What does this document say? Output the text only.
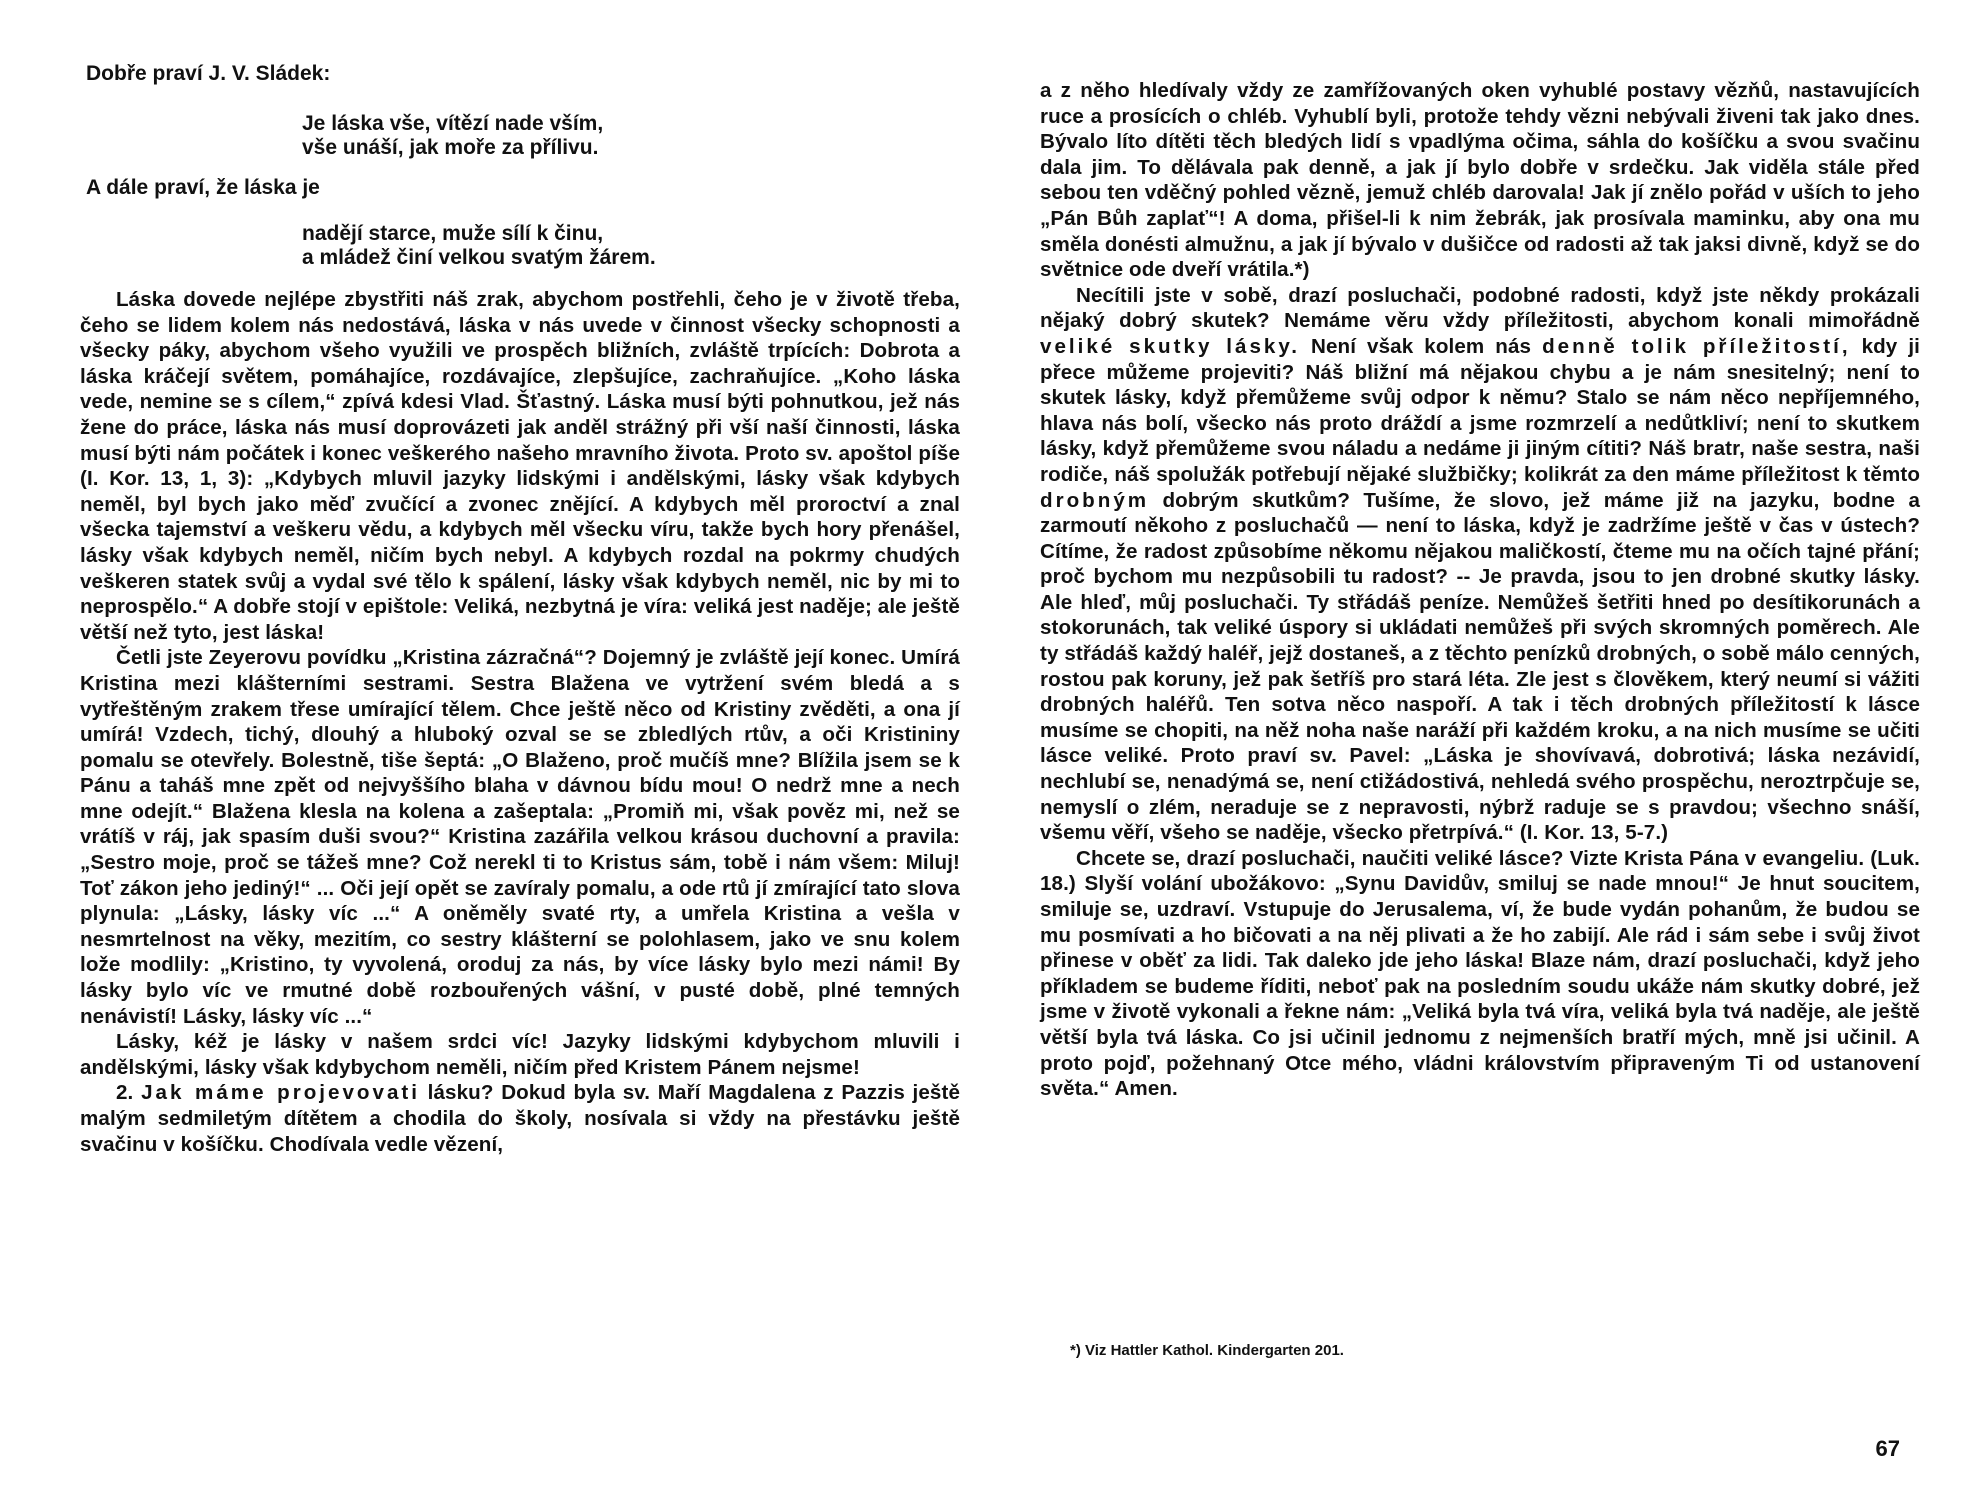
Dobře praví J. V. Sládek:
Je láska vše, vítězí nade vším,
vše unáší, jak moře za přílivu.
A dále praví, že láska je
nadějí starce, muže sílí k činu,
a mládež činí velkou svatým žárem.

Láska dovede nejlépe zbystřiti náš zrak, abychom postřehli, čeho je v životě třeba, čeho se lidem kolem nás nedostává, láska v nás uvede v činnost všecky schopnosti a všecky páky, abychom všeho využili ve prospěch bližních, zvláště trpících: Dobrota a láska kráčejí světem, pomáhajíce, rozdávajíce, zlepšujíce, zachraňujíce. „Koho láska vede, nemine se s cílem,“ zpívá kdesi Vlad. Šťastný. Láska musí býti pohnutkou, jež nás žene do práce, láska nás musí doprovázeti jak anděl strážný při vší naší činnosti, láska musí býti nám počátek i konec veškerého našeho mravního života. Proto sv. apoštol píše (I. Kor. 13, 1, 3): „Kdybych mluvil jazyky lidskými i andělskými, lásky však kdybych neměl, byl bych jako měď zvučící a zvonec znějící. A kdybych měl proroctví a znal všecka tajemství a veškeru vědu, a kdybych měl všecku víru, takže bych hory přenášel, lásky však kdybych neměl, ničím bych nebyl. A kdybych rozdal na pokrmy chudých veškeren statek svůj a vydal své tělo k spálení, lásky však kdybych neměl, nic by mi to neprospělo.“ A dobře stojí v epištole: Veliká, nezbytná je víra: veliká jest naděje; ale ještě větší než tyto, jest láska!

Četli jste Zeyerovu povídku „Kristina zázračná“? Dojemný je zvláště její konec. Umírá Kristina mezi klášterními sestrami. Sestra Blažena ve vytržení svém bledá a s vytřeštěným zrakem třese umírající tělem. Chce ještě něco od Kristiny zvěděti, a ona jí umírá! Vzdech, tichý, dlouhý a hluboký ozval se se zbledlých rtův, a oči Kristininy pomalu se otevřely. Bolestně, tiše šeptá: „O Blaženo, proč mučíš mne? Blížila jsem se k Pánu a taháš mne zpět od nejvyššího blaha v dávnou bídu mou! O nedrž mne a nech mne odejít.“ Blažena klesla na kolena a zašeptala: „Promiň mi, však pověz mi, než se vrátíš v ráj, jak spasím duši svou?“ Kristina zazářila velkou krásou duchovní a pravila: „Sestro moje, proč se tážeš mne? Což nerekl ti to Kristus sám, tobě i nám všem: Miluj! Toť zákon jeho jediný!“ ... Oči její opět se zavíraly pomalu, a ode rtů jí zmírající tato slova plynula: „Lásky, lásky víc ...“ A oněměly svaté rty, a umřela Kristina a vešla v nesmrtelnost na věky, mezitím, co sestry klášterní se polohlasem, jako ve snu kolem lože modlily: „Kristino, ty vyvolená, oroduj za nás, by více lásky bylo mezi námi! By lásky bylo víc ve rmutné době rozbouřených vášní, v pusté době, plné temných nenávistí! Lásky, lásky víc ...“

Lásky, kéž je lásky v našem srdci víc! Jazyky lidskými kdybychom mluvili i andělskými, lásky však kdybychom neměli, ničím před Kristem Pánem nejsme!

2. Jak máme projevovati lásku? Dokud byla sv. Maří Magdalena z Pazzis ještě malým sedmiletým dítětem a chodila do školy, nosívala si vždy na přestávku ještě svačinu v košíčku. Chodívala vedle vězení,

a z něho hledívaly vždy ze zamřížovaných oken vyhublé postavy vězňů, nastavujících ruce a prosících o chléb. Vyhublí byli, protože tehdy vězni nebývali živeni tak jako dnes. Bývalo líto dítěti těch bledých lidí s vpadlýma očima, sáhla do košíčku a svou svačinu dala jim. To dělávala pak denně, a jak jí bylo dobře v srdečku. Jak viděla stále před sebou ten vděčný pohled vězně, jemuž chléb darovala! Jak jí znělo pořád v uších to jeho „Pán Bůh zaplať“! A doma, přišel-li k nim žebrák, jak prosívala maminku, aby ona mu směla donésti almužnu, a jak jí bývalo v dušičce od radosti až tak jaksi divně, když se do světnice ode dveří vrátila.*)

Necítili jste v sobě, drazí posluchači, podobné radosti, když jste někdy prokázali nějaký dobrý skutek? Nemáme věru vždy příležitosti, abychom konali mimořádně veliké skutky lásky. Není však kolem nás denně tolik příležitostí, kdy ji přece můžeme projeviti? Náš bližní má nějakou chybu a je nám snesitelný; není to skutek lásky, když přemůžeme svůj odpor k němu? Stalo se nám něco nepříjemného, hlava nás bolí, všecko nás proto dráždí a jsme rozmrzelí a nedůtkliví; není to skutkem lásky, když přemůžeme svou náladu a nedáme ji jiným cítiti? Náš bratr, naše sestra, naši rodiče, náš spolužák potřebují nějaké službičky; kolikrát za den máme příležitost k těmto drobným dobrým skutkům? Tušíme, že slovo, jež máme již na jazyku, bodne a zarmoutí někoho z posluchačů — není to láska, když je zadržíme ještě v čas v ústech? Cítíme, že radost způsobíme někomu nějakou maličkostí, čteme mu na očích tajné přání; proč bychom mu nezpůsobili tu radost? -- Je pravda, jsou to jen drobné skutky lásky. Ale hleď, můj posluchači. Ty střádáš peníze. Nemůžeš šetřiti hned po desítikorunách a stokorunách, tak veliké úspory si ukládati nemůžeš při svých skromných poměrech. Ale ty střádáš každý haléř, jejž dostaneš, a z těchto penízků drobných, o sobě málo cenných, rostou pak koruny, jež pak šetříš pro stará léta. Zle jest s člověkem, který neumí si vážiti drobných haléřů. Ten sotva něco naspoří. A tak i těch drobných příležitostí k lásce musíme se chopiti, na něž noha naše naráží při každém kroku, a na nich musíme se učiti lásce veliké. Proto praví sv. Pavel: „Láska je shovívavá, dobrotivá; láska nezávidí, nechlubí se, nenadýmá se, není ctižádostivá, nehledá svého prospěchu, neroztrpčuje se, nemyslí o zlém, neraduje se z nepravosti, nýbrž raduje se s pravdou; všechno snáší, všemu věří, všeho se naděje, všecko přetrpívá.“ (I. Kor. 13, 5-7.)

Chcete se, drazí posluchači, naučiti veliké lásce? Vizte Krista Pána v evangeliu. (Luk. 18.) Slyší volání ubožákovo: „Synu Davidův, smiluj se nade mnou!“ Je hnut soucitem, smiluje se, uzdraví. Vstupuje do Jerusalema, ví, že bude vydán pohanům, že budou se mu posmívati a ho bičovati a na něj plivati a že ho zabijí. Ale rád i sám sebe i svůj život přinese v oběť za lidi. Tak daleko jde jeho láska! Blaze nám, drazí posluchači, když jeho příkladem se budeme říditi, neboť pak na posledním soudu ukáže nám skutky dobré, jež jsme v životě vykonali a řekne nám: „Veliká byla tvá víra, veliká byla tvá naděje, ale ještě větší byla tvá láska. Co jsi učinil jednomu z nejmenších bratří mých, mně jsi učinil. A proto pojď, požehnaný Otce mého, vládni královstvím připraveným Ti od ustanovení světa.“ Amen.

*) Viz Hattler Kathol. Kindergarten 201.
67
